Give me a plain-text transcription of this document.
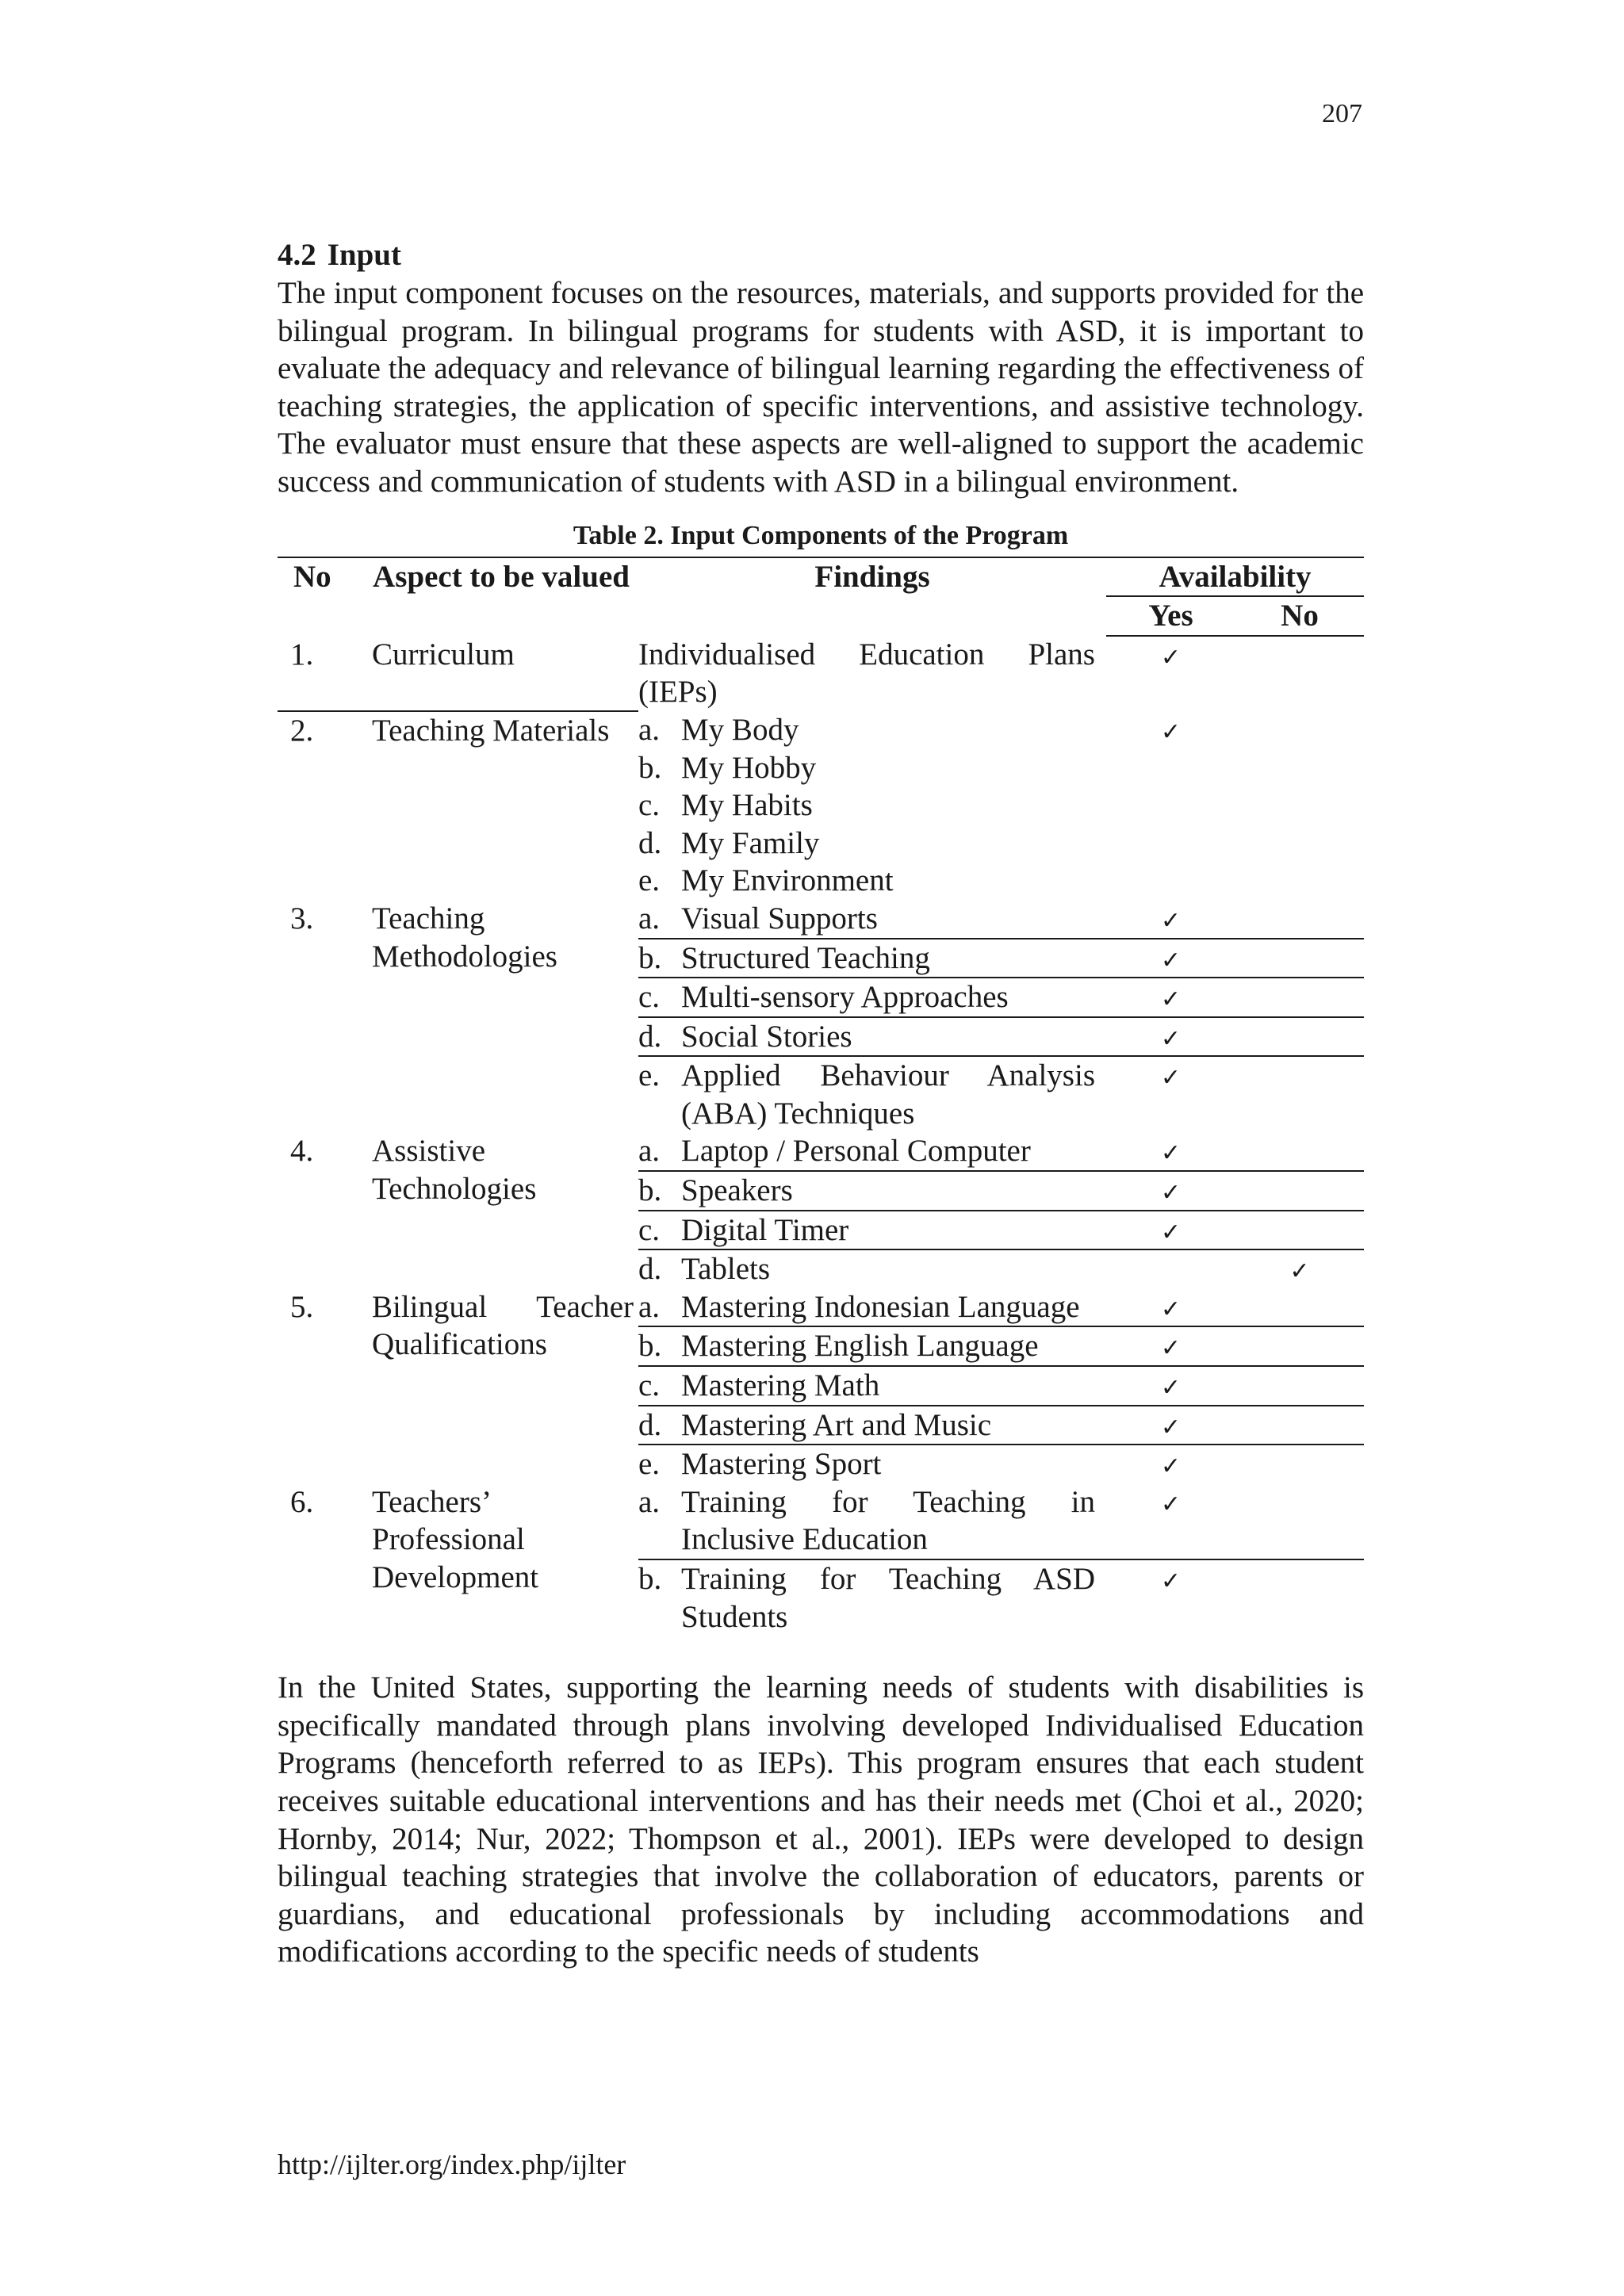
207
4.2 Input

The input component focuses on the resources, materials, and supports provided for the bilingual program. In bilingual programs for students with ASD, it is important to evaluate the adequacy and relevance of bilingual learning regarding the effectiveness of teaching strategies, the application of specific interventions, and assistive technology. The evaluator must ensure that these aspects are well-aligned to support the academic success and communication of students with ASD in a bilingual environment.

Table 2. Input Components of the Program
No	Aspect to be valued	Findings	Availability	
			Yes	No
1.	Curriculum	Individualised Education Plans (IEPs)	✓	
2.	Teaching Materials	a. My Body	✓	

		b. My Hobby		

		c. My Habits		

		d. My Family		

		e. My Environment		

3.	Teaching Methodologies	a. Visual Supports	✓	

		b. Structured Teaching	✓	

		c. Multi-sensory Approaches	✓	

		d. Social Stories	✓	

		e. Applied Behaviour Analysis (ABA) Techniques	✓	
4.	Assistive Technologies	a. Laptop / Personal Computer	✓	

		b. Speakers	✓	

		c. Digital Timer	✓	

		d. Tablets		✓
5.	Bilingual Teacher Qualifications	a. Mastering Indonesian Language	✓	

		b. Mastering English Language	✓	

		c. Mastering Math	✓	

		d. Mastering Art and Music	✓	

		e. Mastering Sport	✓	
6.	Teachers’ Professional Development	a. Training for Teaching in Inclusive Education	✓	

		b. Training for Teaching ASD Students	✓	

In the United States, supporting the learning needs of students with disabilities is specifically mandated through plans involving developed Individualised Education Programs (henceforth referred to as IEPs). This program ensures that each student receives suitable educational interventions and has their needs met (Choi et al., 2020; Hornby, 2014; Nur, 2022; Thompson et al., 2001). IEPs were developed to design bilingual teaching strategies that involve the collaboration of educators, parents or guardians, and educational professionals by including accommodations and modifications according to the specific needs of students

http://ijlter.org/index.php/ijlter
